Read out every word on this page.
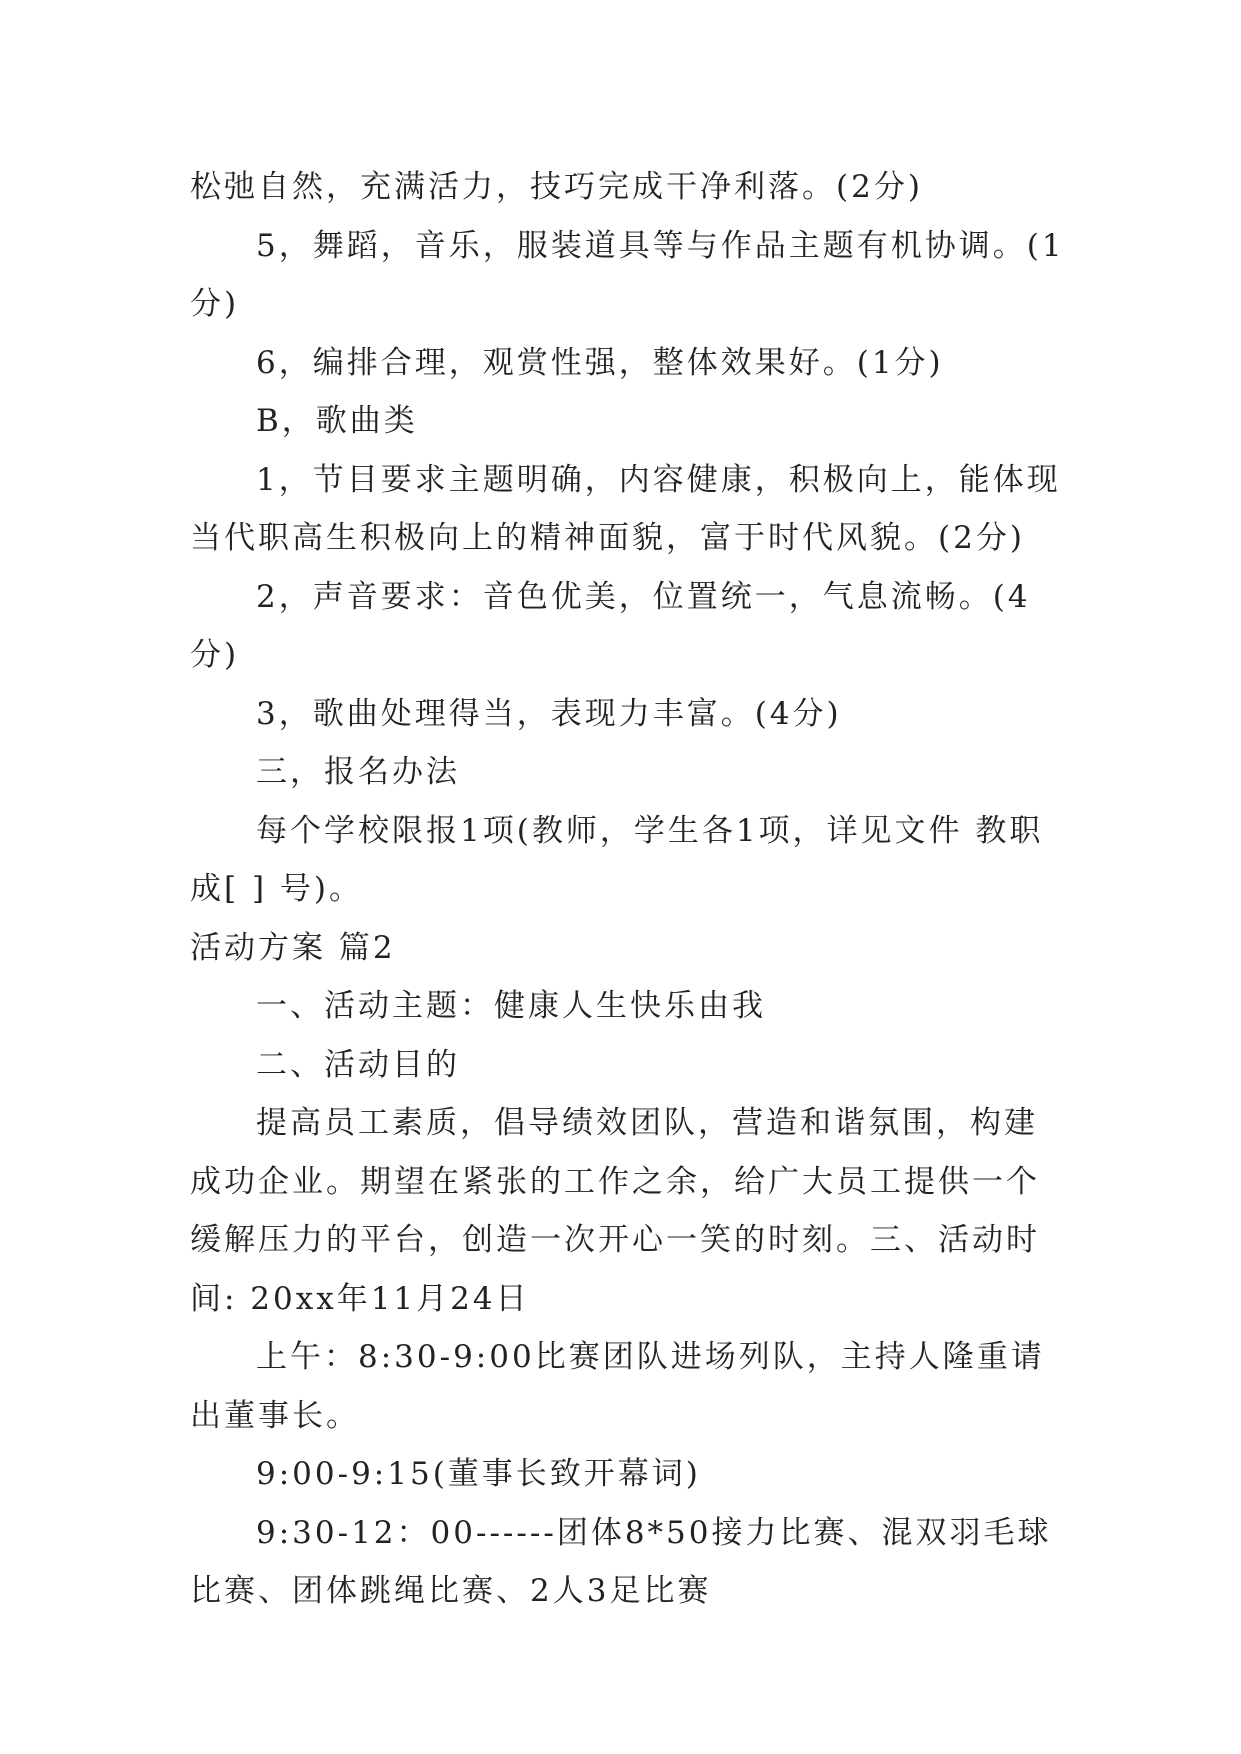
松弛自然，充满活力，技巧完成干净利落。(2分)

5，舞蹈，音乐，服装道具等与作品主题有机协调。(1分)

6，编排合理，观赏性强，整体效果好。(1分)

B，歌曲类

1，节目要求主题明确，内容健康，积极向上，能体现当代职高生积极向上的精神面貌，富于时代风貌。(2分)

2，声音要求：音色优美，位置统一，气息流畅。(4分)

3，歌曲处理得当，表现力丰富。(4分)

三，报名办法

每个学校限报1项(教师，学生各1项，详见文件 教职成[ ] 号)。

活动方案 篇2

一、活动主题：健康人生快乐由我

二、活动目的

提高员工素质，倡导绩效团队，营造和谐氛围，构建成功企业。期望在紧张的工作之余，给广大员工提供一个缓解压力的平台，创造一次开心一笑的时刻。三、活动时间: 20xx年11月24日

上午：8:30-9:00比赛团队进场列队，主持人隆重请出董事长。

9:00-9:15(董事长致开幕词)

9:30-12：00------团体8*50接力比赛、混双羽毛球比赛、团体跳绳比赛、2人3足比赛
